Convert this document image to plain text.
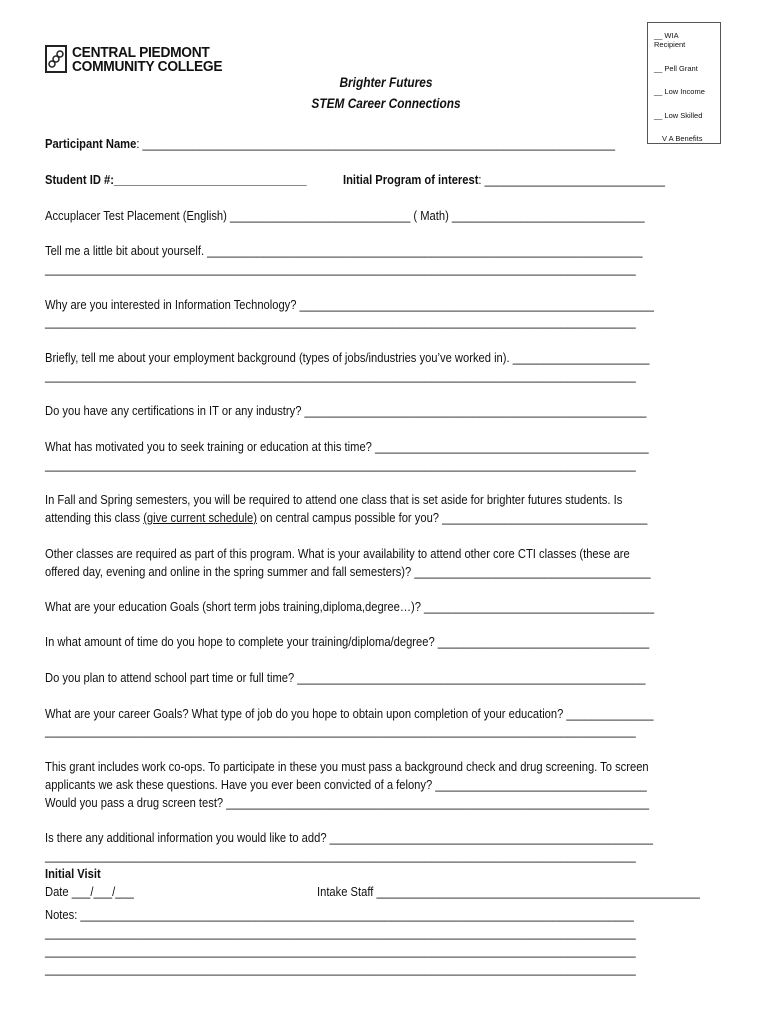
CENTRAL PIEDMONT
COMMUNITY COLLEGE
Brighter Futures
STEM Career Connections
__ WIA
Recipient
__ Pell Grant
__ Low Income
__ Low Skilled
V A Benefits
Participant Name: ____________________________________________________________________________
Student ID #:_______________________________	Initial Program of interest: _____________________________
Accuplacer Test Placement (English) _____________________________ ( Math) _______________________________
Tell me a little bit about yourself. ______________________________________________________________________
_______________________________________________________________________________________________
Why are you interested in Information Technology? _________________________________________________________
_______________________________________________________________________________________________
Briefly, tell me about your employment background (types of jobs/industries you’ve worked in). ______________________
_______________________________________________________________________________________________
Do you have any certifications in IT or any industry? _______________________________________________________
What has motivated you to seek training or education at this time? ____________________________________________
_______________________________________________________________________________________________
In Fall and Spring semesters, you will be required to attend one class that is set aside for brighter futures students. Is
attending this class (give current schedule) on central campus possible for you? _________________________________
Other classes are required as part of this program. What is your availability to attend other core CTI classes (these are
offered day, evening and online in the spring summer and fall semesters)? ______________________________________
What are your education Goals (short term jobs training,diploma,degree…)? _____________________________________
In what amount of time do you hope to complete your training/diploma/degree? __________________________________
Do you plan to attend school part time or full time? ________________________________________________________
What are your career Goals? What type of job do you hope to obtain upon completion of your education? ______________
_______________________________________________________________________________________________
This grant includes work co-ops. To participate in these you must pass a background check and drug screening. To screen
applicants we ask these questions. Have you ever been convicted of a felony? __________________________________
Would you pass a drug screen test? ____________________________________________________________________
Is there any additional information you would like to add? ____________________________________________________
_______________________________________________________________________________________________
Initial Visit
Date ___/___/___	Intake Staff ____________________________________________________
Notes: _________________________________________________________________________________________
_______________________________________________________________________________________________
_______________________________________________________________________________________________
_______________________________________________________________________________________________
